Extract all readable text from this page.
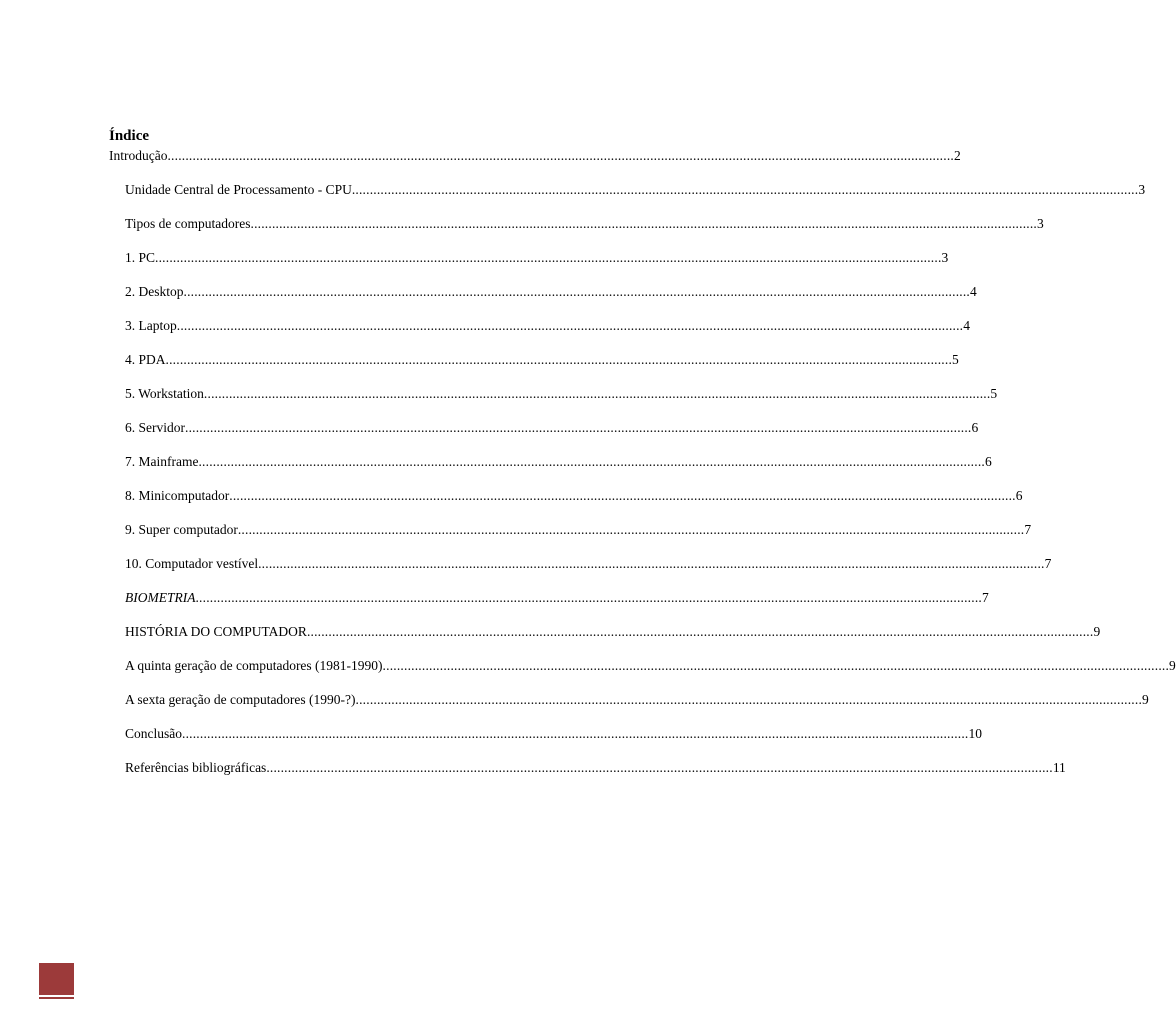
Índice
Introdução ............................................................................................................................................................................................................................ 2
Unidade Central de Processamento - CPU ............................................................................................................................................................................................................................ 3
Tipos de computadores ............................................................................................................................................................................................................................ 3
1. PC ............................................................................................................................................................................................................................ 3
2. Desktop ............................................................................................................................................................................................................................ 4
3. Laptop ............................................................................................................................................................................................................................ 4
4. PDA ............................................................................................................................................................................................................................ 5
5. Workstation ............................................................................................................................................................................................................................ 5
6. Servidor ............................................................................................................................................................................................................................ 6
7. Mainframe ............................................................................................................................................................................................................................ 6
8. Minicomputador ............................................................................................................................................................................................................................ 6
9. Super computador ............................................................................................................................................................................................................................ 7
10. Computador vestível ............................................................................................................................................................................................................................ 7
BIOMETRIA ............................................................................................................................................................................................................................ 7
HISTÓRIA DO COMPUTADOR ............................................................................................................................................................................................................................ 9
A quinta geração de computadores (1981-1990) ............................................................................................................................................................................................................................ 9
A sexta geração de computadores (1990-?) ............................................................................................................................................................................................................................ 9
Conclusão ............................................................................................................................................................................................................................ 10
Referências bibliográficas ............................................................................................................................................................................................................................ 11
